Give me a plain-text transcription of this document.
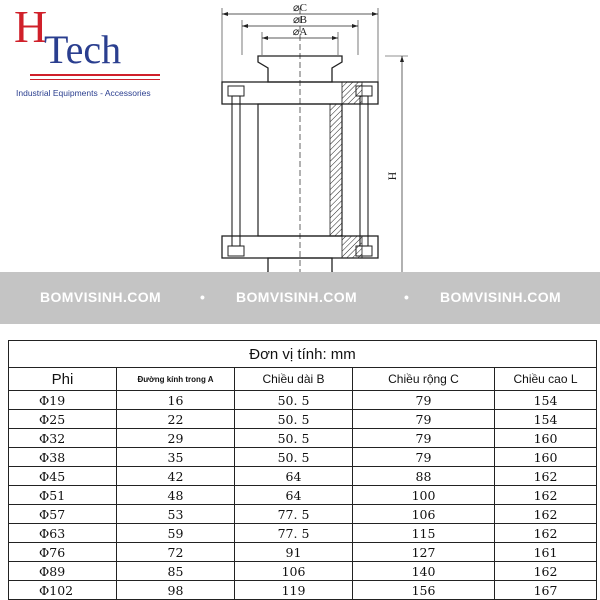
H
Tech
Industrial Equipments - Accessories
⌀C
⌀B
⌀A
H
BOMVISINH.COM	• BOMVISINH.COM	• BOMVISINH.COM
Đơn vị tính: mm				
Phi	Đường kính trong A	Chiều dài B	Chiều rộng C	Chiều cao L
Φ19	16	50. 5	79	154
Φ25	22	50. 5	79	154
Φ32	29	50. 5	79	160
Φ38	35	50. 5	79	160
Φ45	42	64	88	162
Φ51	48	64	100	162
Φ57	53	77. 5	106	162
Φ63	59	77. 5	115	162
Φ76	72	91	127	161
Φ89	85	106	140	162
Φ102	98	119	156	167
